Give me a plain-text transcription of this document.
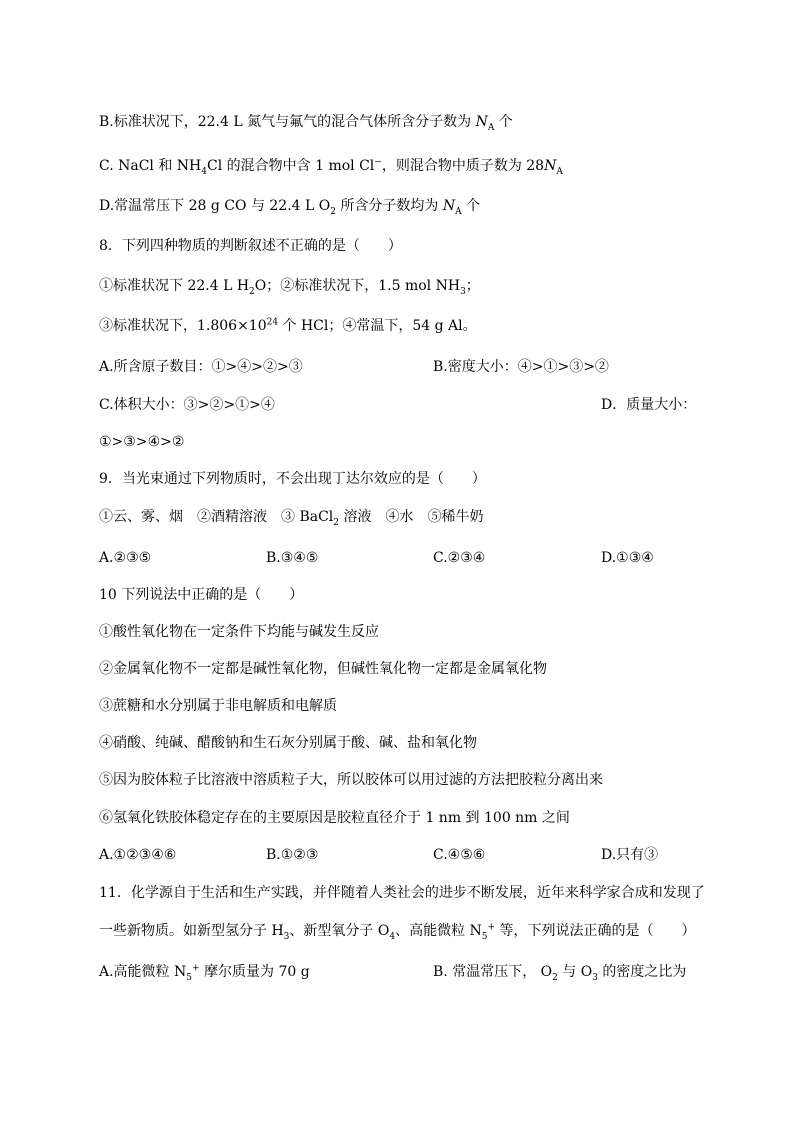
B.标准状况下，22.4 L 氮气与氟气的混合气体所含分子数为 $N_A$ 个
C. NaCl 和 $NH_4Cl$ 的混合物中含 1 mol Cl−，则混合物中质子数为 $28N_A$
D.常温常压下 28 g CO 与 22.4 L $O_2$ 所含分子数均为 $N_A$ 个
8．下列四种物质的判断叙述不正确的是（　　）
①标准状况下 22.4 L $H_2O$；②标准状况下，1.5 mol $NH_3$；
③标准状况下，$1.806\times 10^{24}$ 个 HCl；④常温下，54 g Al。
A.所含原子数目：①>④>②>③	B.密度大小：④>①>③>②
C.体积大小：③>②>①>④	D．质量大小：
①>③>④>②
9．当光束通过下列物质时，不会出现丁达尔效应的是（　　）
①云、雾、烟　②酒精溶液　③ BaCl$_2$ 溶液　④水　⑤稀牛奶
A.②③⑤	B.③④⑤	C.②③④	D.①③④
10 下列说法中正确的是（　　）
①酸性氧化物在一定条件下均能与碱发生反应
②金属氧化物不一定都是碱性氧化物，但碱性氧化物一定都是金属氧化物
③蔗糖和水分别属于非电解质和电解质
④硝酸、纯碱、醋酸钠和生石灰分别属于酸、碱、盐和氧化物
⑤因为胶体粒子比溶液中溶质粒子大，所以胶体可以用过滤的方法把胶粒分离出来
⑥氢氧化铁胶体稳定存在的主要原因是胶粒直径介于 1 nm 到 100 nm 之间
A.①②③④⑥	B.①②③	C.④⑤⑥	D.只有③
11．化学源自于生活和生产实践，并伴随着人类社会的进步不断发展，近年来科学家合成和发现了
一些新物质。如新型氢分子 $H_3$、新型氧分子 $O_4$、高能微粒 $N_5^+$ 等，下列说法正确的是（　　）
A.高能微粒 $N_5^+$ 摩尔质量为 70 g	B. 常温常压下， $O_2$ 与 $O_3$ 的密度之比为
